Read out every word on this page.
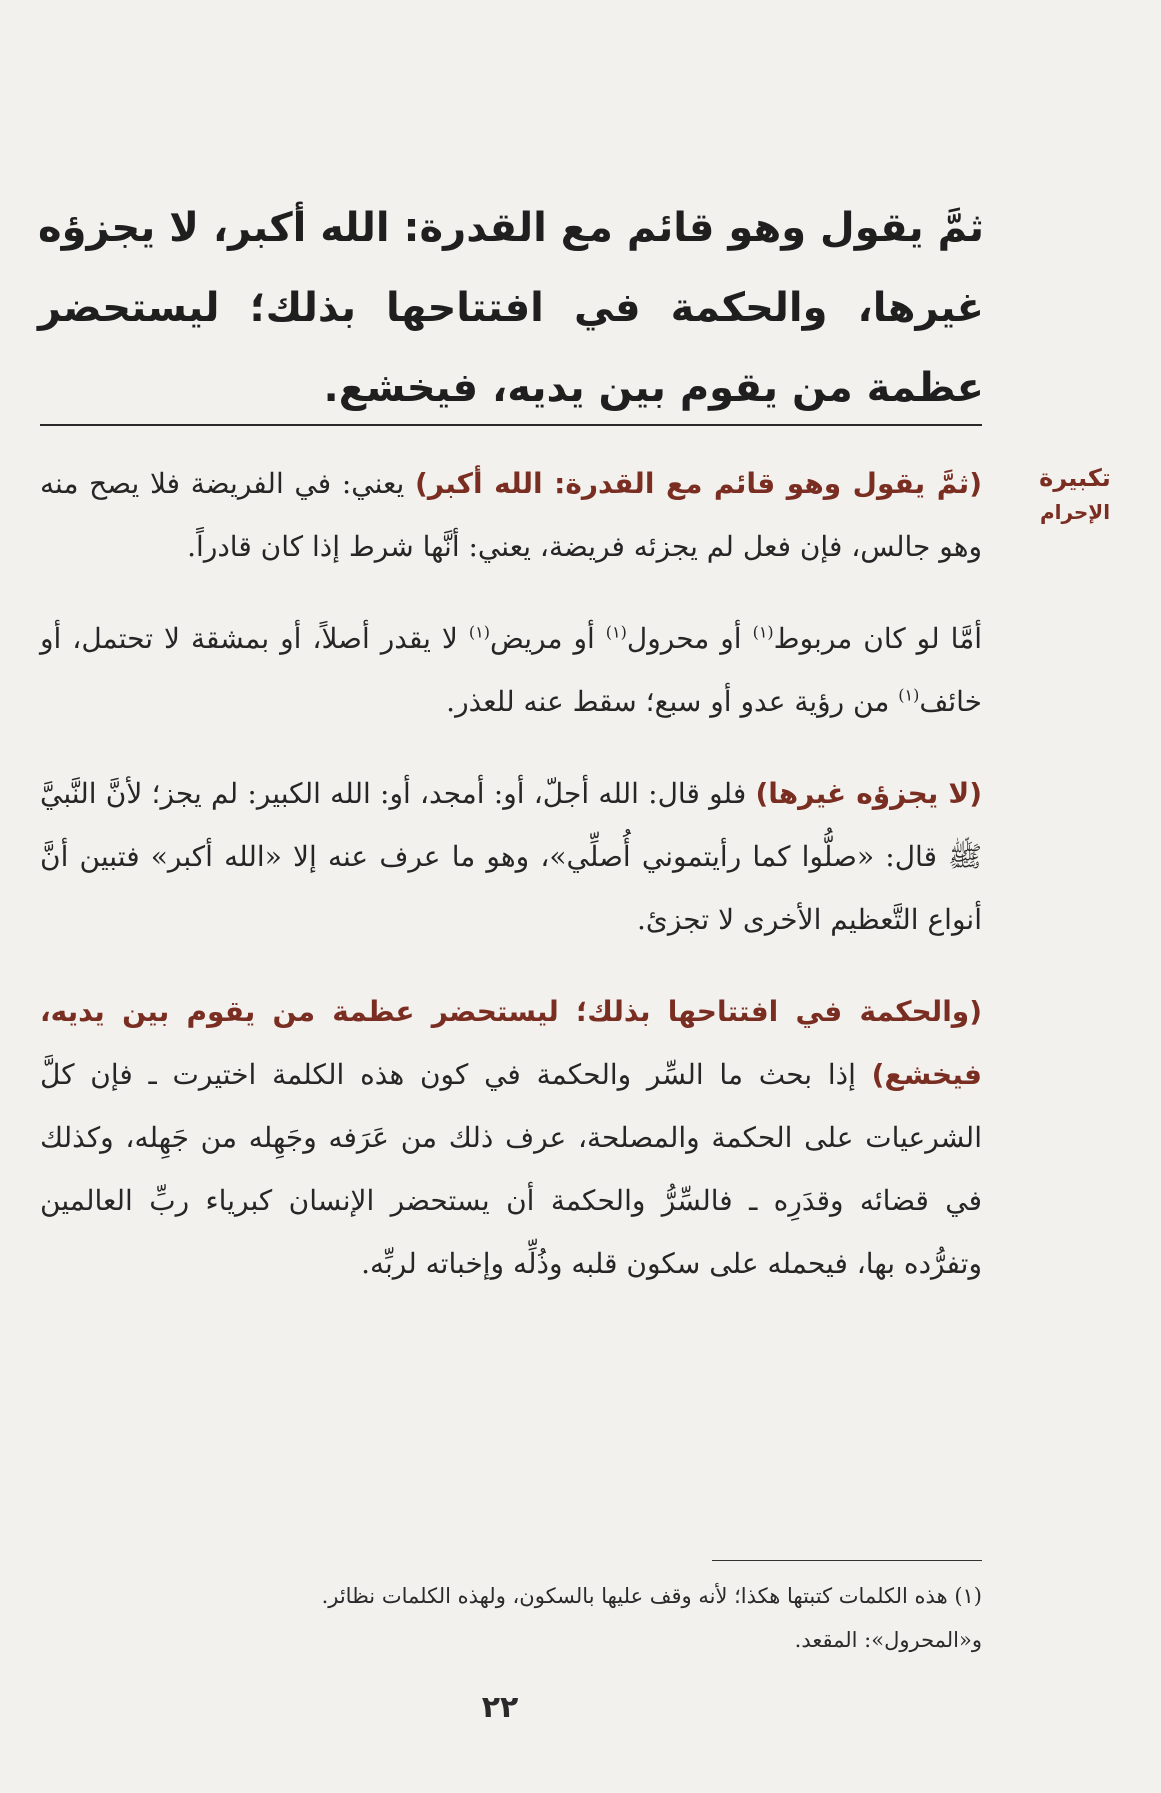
ثمَّ يقول وهو قائم مع القدرة: الله أكبر، لا يجزؤه غيرها، والحكمة في افتتاحها بذلك؛ ليستحضر عظمة من يقوم بين يديه، فيخشع.
تكبيرة
الإحرام

(ثمَّ يقول وهو قائم مع القدرة: الله أكبر) يعني: في الفريضة فلا يصح منه وهو جالس، فإن فعل لم يجزئه فريضة، يعني: أنَّها شرط إذا كان قادراً.

أمَّا لو كان مربوط$^{(١)}$ أو محرول$^{(١)}$ أو مريض$^{(١)}$ لا يقدر أصلاً، أو بمشقة لا تحتمل، أو خائف$^{(١)}$ من رؤية عدو أو سبع؛ سقط عنه للعذر.

(لا يجزؤه غيرها) فلو قال: الله أجلّ، أو: أمجد، أو: الله الكبير: لم يجز؛ لأنَّ النَّبيَّ ﷺ قال: «صلُّوا كما رأيتموني أُصلِّي»، وهو ما عرف عنه إلا «الله أكبر» فتبين أنَّ أنواع التَّعظيم الأخرى لا تجزئ.

(والحكمة في افتتاحها بذلك؛ ليستحضر عظمة من يقوم بين يديه، فيخشع) إذا بحث ما السِّر والحكمة في كون هذه الكلمة اختيرت ـ فإن كلَّ الشرعيات على الحكمة والمصلحة، عرف ذلك من عَرَفه وجَهِله من جَهِله، وكذلك في قضائه وقدَرِه ـ فالسِّرُّ والحكمة أن يستحضر الإنسان كبرياء ربِّ العالمين وتفرُّده بها، فيحمله على سكون قلبه وذُلِّه وإخباته لربِّه.

(١) هذه الكلمات كتبتها هكذا؛ لأنه وقف عليها بالسكون، ولهذه الكلمات نظائر.

و«المحرول»: المقعد.

٢٢
